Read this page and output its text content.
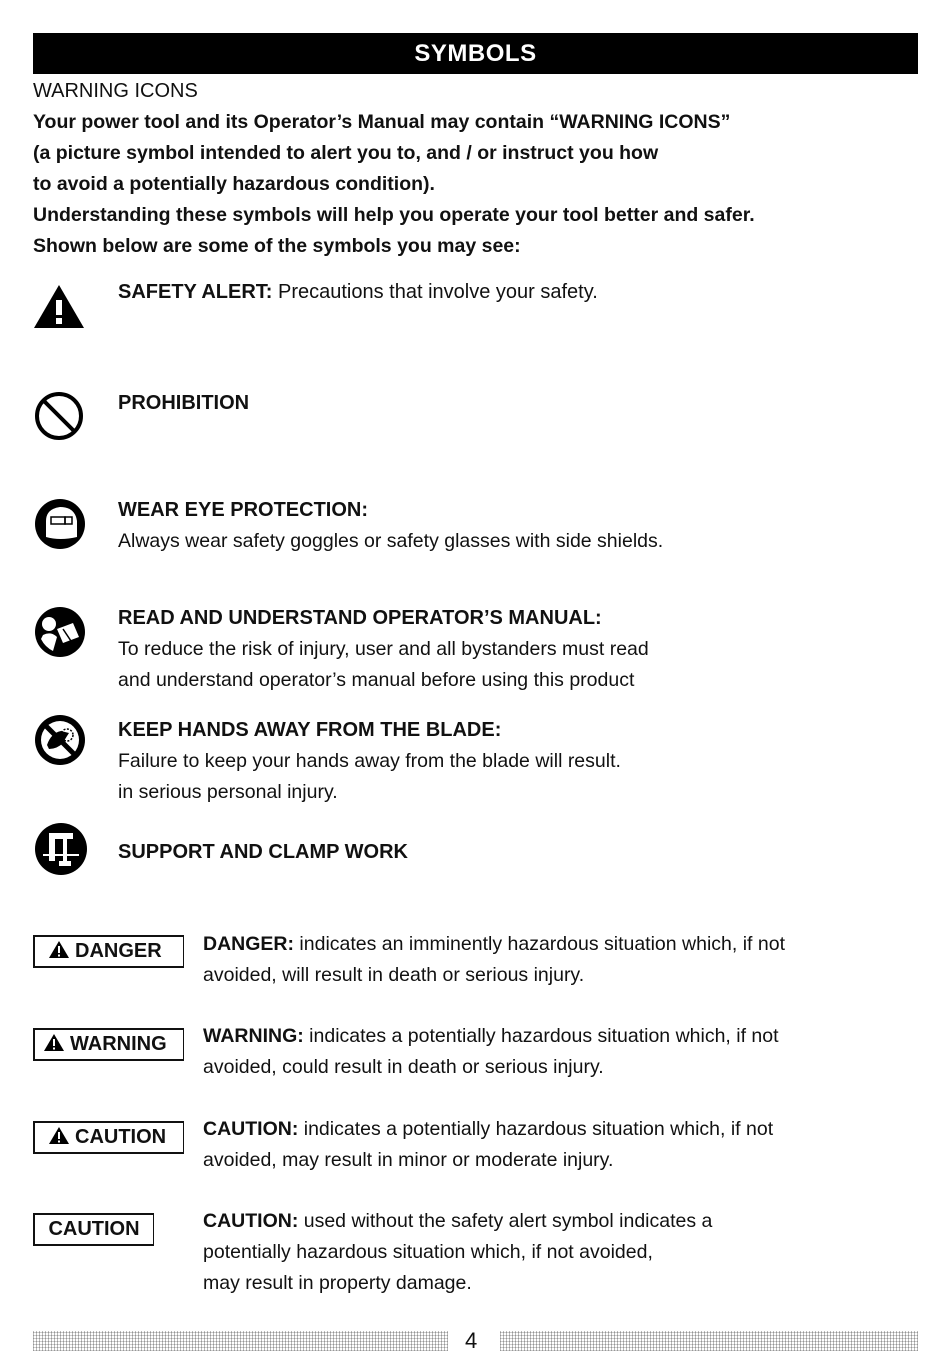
SYMBOLS
WARNING ICONS
Your power tool and its Operator’s Manual may contain “WARNING ICONS”
(a picture symbol intended to alert you to, and / or instruct you how
to avoid a potentially hazardous condition).
Understanding these symbols will help you operate your tool better and safer.
Shown below are some of the symbols you may see:
SAFETY ALERT: Precautions that involve your safety.
PROHIBITION
WEAR EYE PROTECTION:
Always wear safety goggles or safety glasses with side shields.
READ AND UNDERSTAND OPERATOR’S MANUAL:
To reduce the risk of injury, user and all bystanders must read
and understand operator’s manual before using this product
KEEP HANDS AWAY FROM THE BLADE:
Failure to keep your hands away from the blade will result.
in serious personal injury.
SUPPORT AND CLAMP WORK
DANGER	DANGER: indicates an imminently hazardous situation which, if not
avoided, will result in death or serious injury.
WARNING	WARNING: indicates a potentially hazardous situation which, if not
avoided, could result in death or serious injury.
CAUTION	CAUTION: indicates a potentially hazardous situation which, if not
avoided, may result in minor or moderate injury.
CAUTION	CAUTION: used without the safety alert symbol indicates a
potentially hazardous situation which, if not avoided,
may result in property damage.
4
